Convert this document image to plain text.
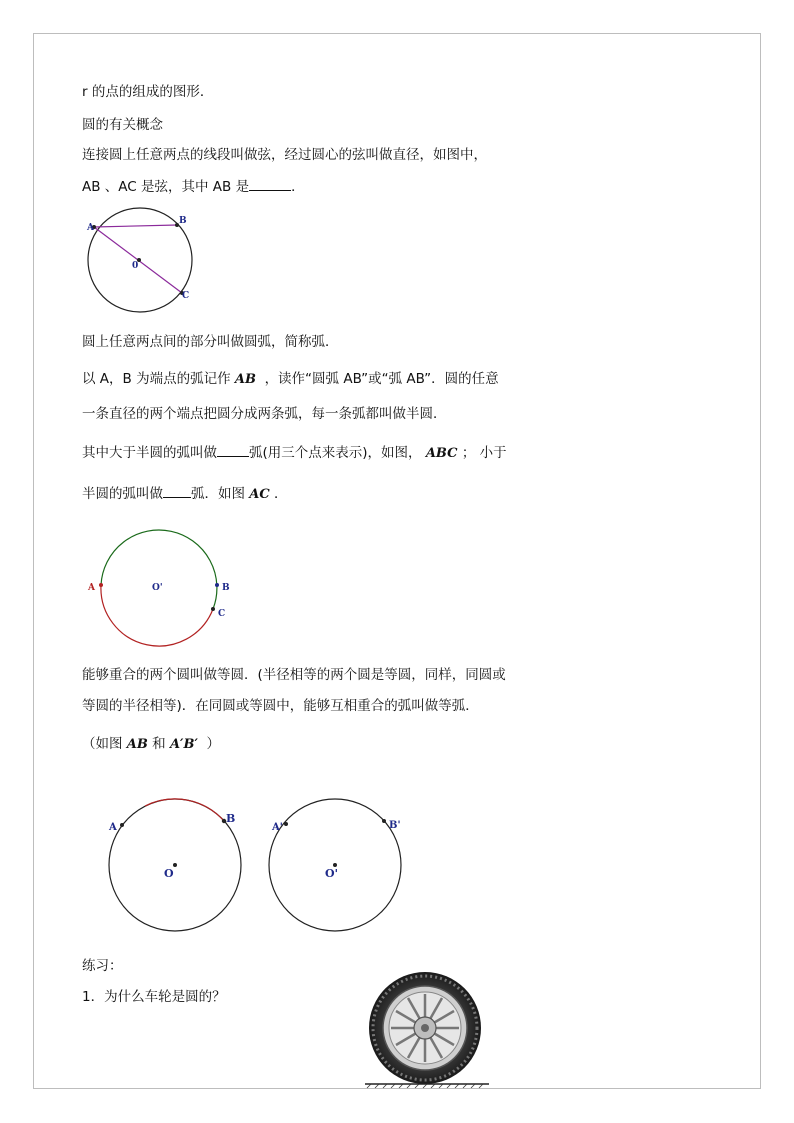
r 的点的组成的图形．
圆的有关概念
连接圆上任意两点的线段叫做弦，经过圆心的弦叫做直径，如图中，
AB 、AC 是弦，其中 AB 是	．
A
B
0
C
圆上任意两点间的部分叫做圆弧，简称弧．
以 A，B 为端点的弧记作 AB ，读作“圆弧 AB”或“弧 AB”．圆的任意
一条直径的两个端点把圆分成两条弧，每一条弧都叫做半圆．
其中大于半圆的弧叫做 弧(用三个点来表示)，如图， ABC ； 小于
半圆的弧叫做 弧．如图 AC ．
A	O'	B
C
能够重合的两个圆叫做等圆．(半径相等的两个圆是等圆，同样，同圆或
等圆的半径相等)．在同圆或等圆中，能够互相重合的弧叫做等弧．
（如图 AB 和 A′B′ ）
A
B
O
A'	B'
O'
练习：
1．为什么车轮是圆的？
